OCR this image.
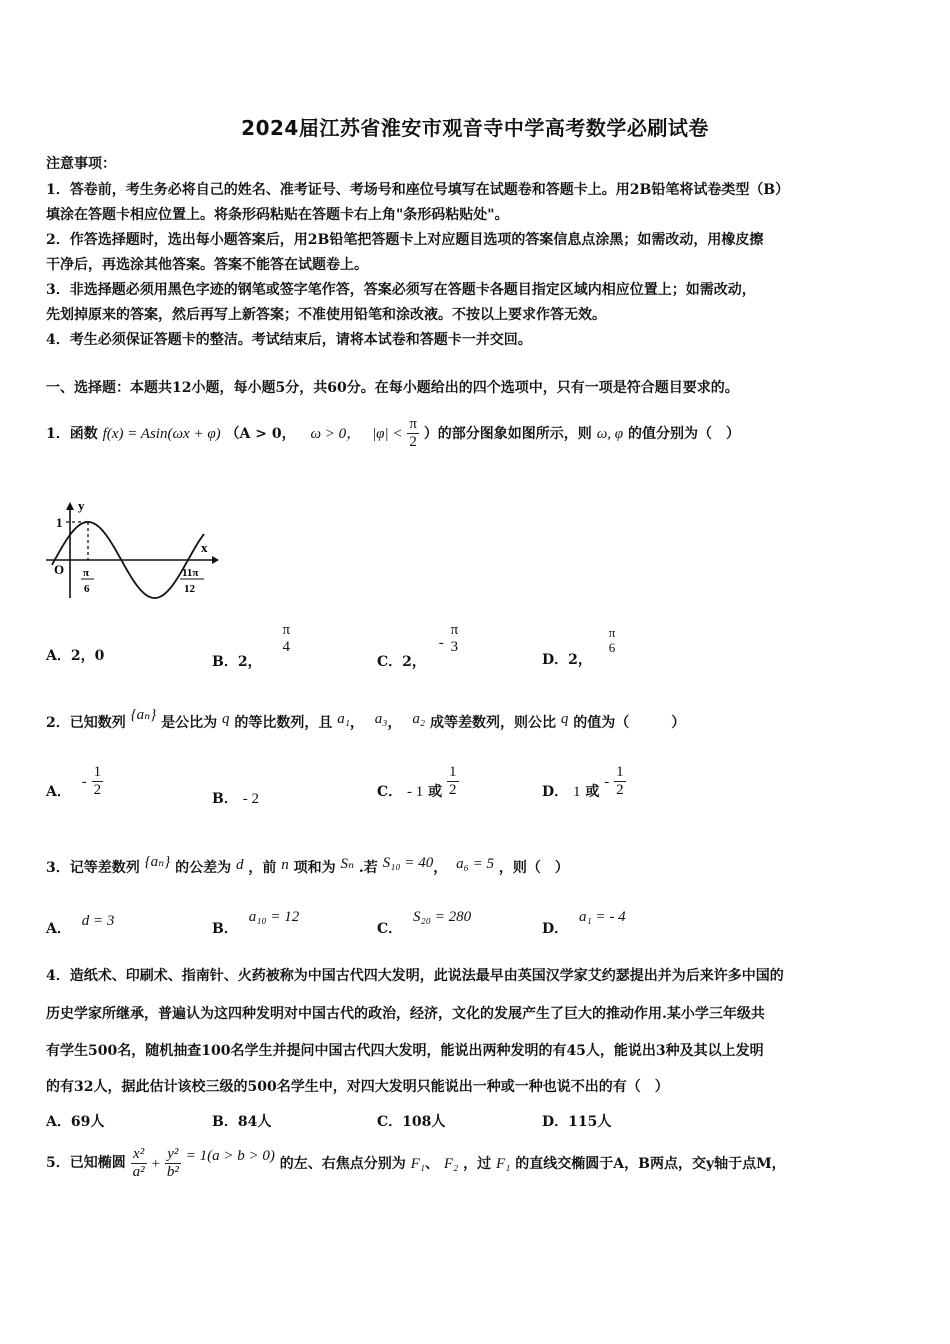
2024届江苏省淮安市观音寺中学高考数学必刷试卷
注意事项：
1．答卷前，考生务必将自己的姓名、准考证号、考场号和座位号填写在试题卷和答题卡上。用2B铅笔将试卷类型（B）
填涂在答题卡相应位置上。将条形码粘贴在答题卡右上角"条形码粘贴处"。
2．作答选择题时，选出每小题答案后，用2B铅笔把答题卡上对应题目选项的答案信息点涂黑；如需改动，用橡皮擦
干净后，再选涂其他答案。答案不能答在试题卷上。
3．非选择题必须用黑色字迹的钢笔或签字笔作答，答案必须写在答题卡各题目指定区域内相应位置上；如需改动，
先划掉原来的答案，然后再写上新答案；不准使用铅笔和涂改液。不按以上要求作答无效。
4．考生必须保证答题卡的整洁。考试结束后，请将本试卷和答题卡一并交回。
一、选择题：本题共12小题，每小题5分，共60分。在每小题给出的四个选项中，只有一项是符合题目要求的。
1．函数 f(x) = Asin(ωx + φ) （A > 0， ω > 0， $|\varphi| < \frac{\pi}{2}$ ）的部分图象如图所示，则 ω, φ 的值分别为（　）
y
x
O
1
π
6
11π
12
A．2，0	B．2，
π
4
C．2， -
π
3
D．2，
π
6
2．已知数列 {aₙ} 是公比为 q 的等比数列，且 a₁， a₃， a₂ 成等差数列，则公比 q 的值为（　　　）
A． - $\frac{1}{2}$	B． - 2	C． - 1 或 $\frac{1}{2}$	D． 1 或 - $\frac{1}{2}$
3．记等差数列 {aₙ} 的公差为 d ，前 n 项和为 Sₙ .若 S₁₀ = 40， a₆ = 5 ，则（　）
A． d = 3	B． a₁₀ = 12
C． S₂₀ = 280
D． a₁ = - 4
4．造纸术、印刷术、指南针、火药被称为中国古代四大发明，此说法最早由英国汉学家艾约瑟提出并为后来许多中国的
历史学家所继承，普遍认为这四种发明对中国古代的政治，经济，文化的发展产生了巨大的推动作用.某小学三年级共
有学生500名，随机抽查100名学生并提问中国古代四大发明，能说出两种发明的有45人，能说出3种及其以上发明
的有32人，据此估计该校三级的500名学生中，对四大发明只能说出一种或一种也说不出的有（　）
A．69人	B．84人	C．108人	D．115人
5．已知椭圆 $\frac{\text{x²}}{\text{a²}} + \frac{\text{y²}}{\text{b²}} = 1(a > b > 0)$ 的左、右焦点分别为 F₁、 F₂ ，过 F₁ 的直线交椭圆于A，B两点，交y轴于点M，
